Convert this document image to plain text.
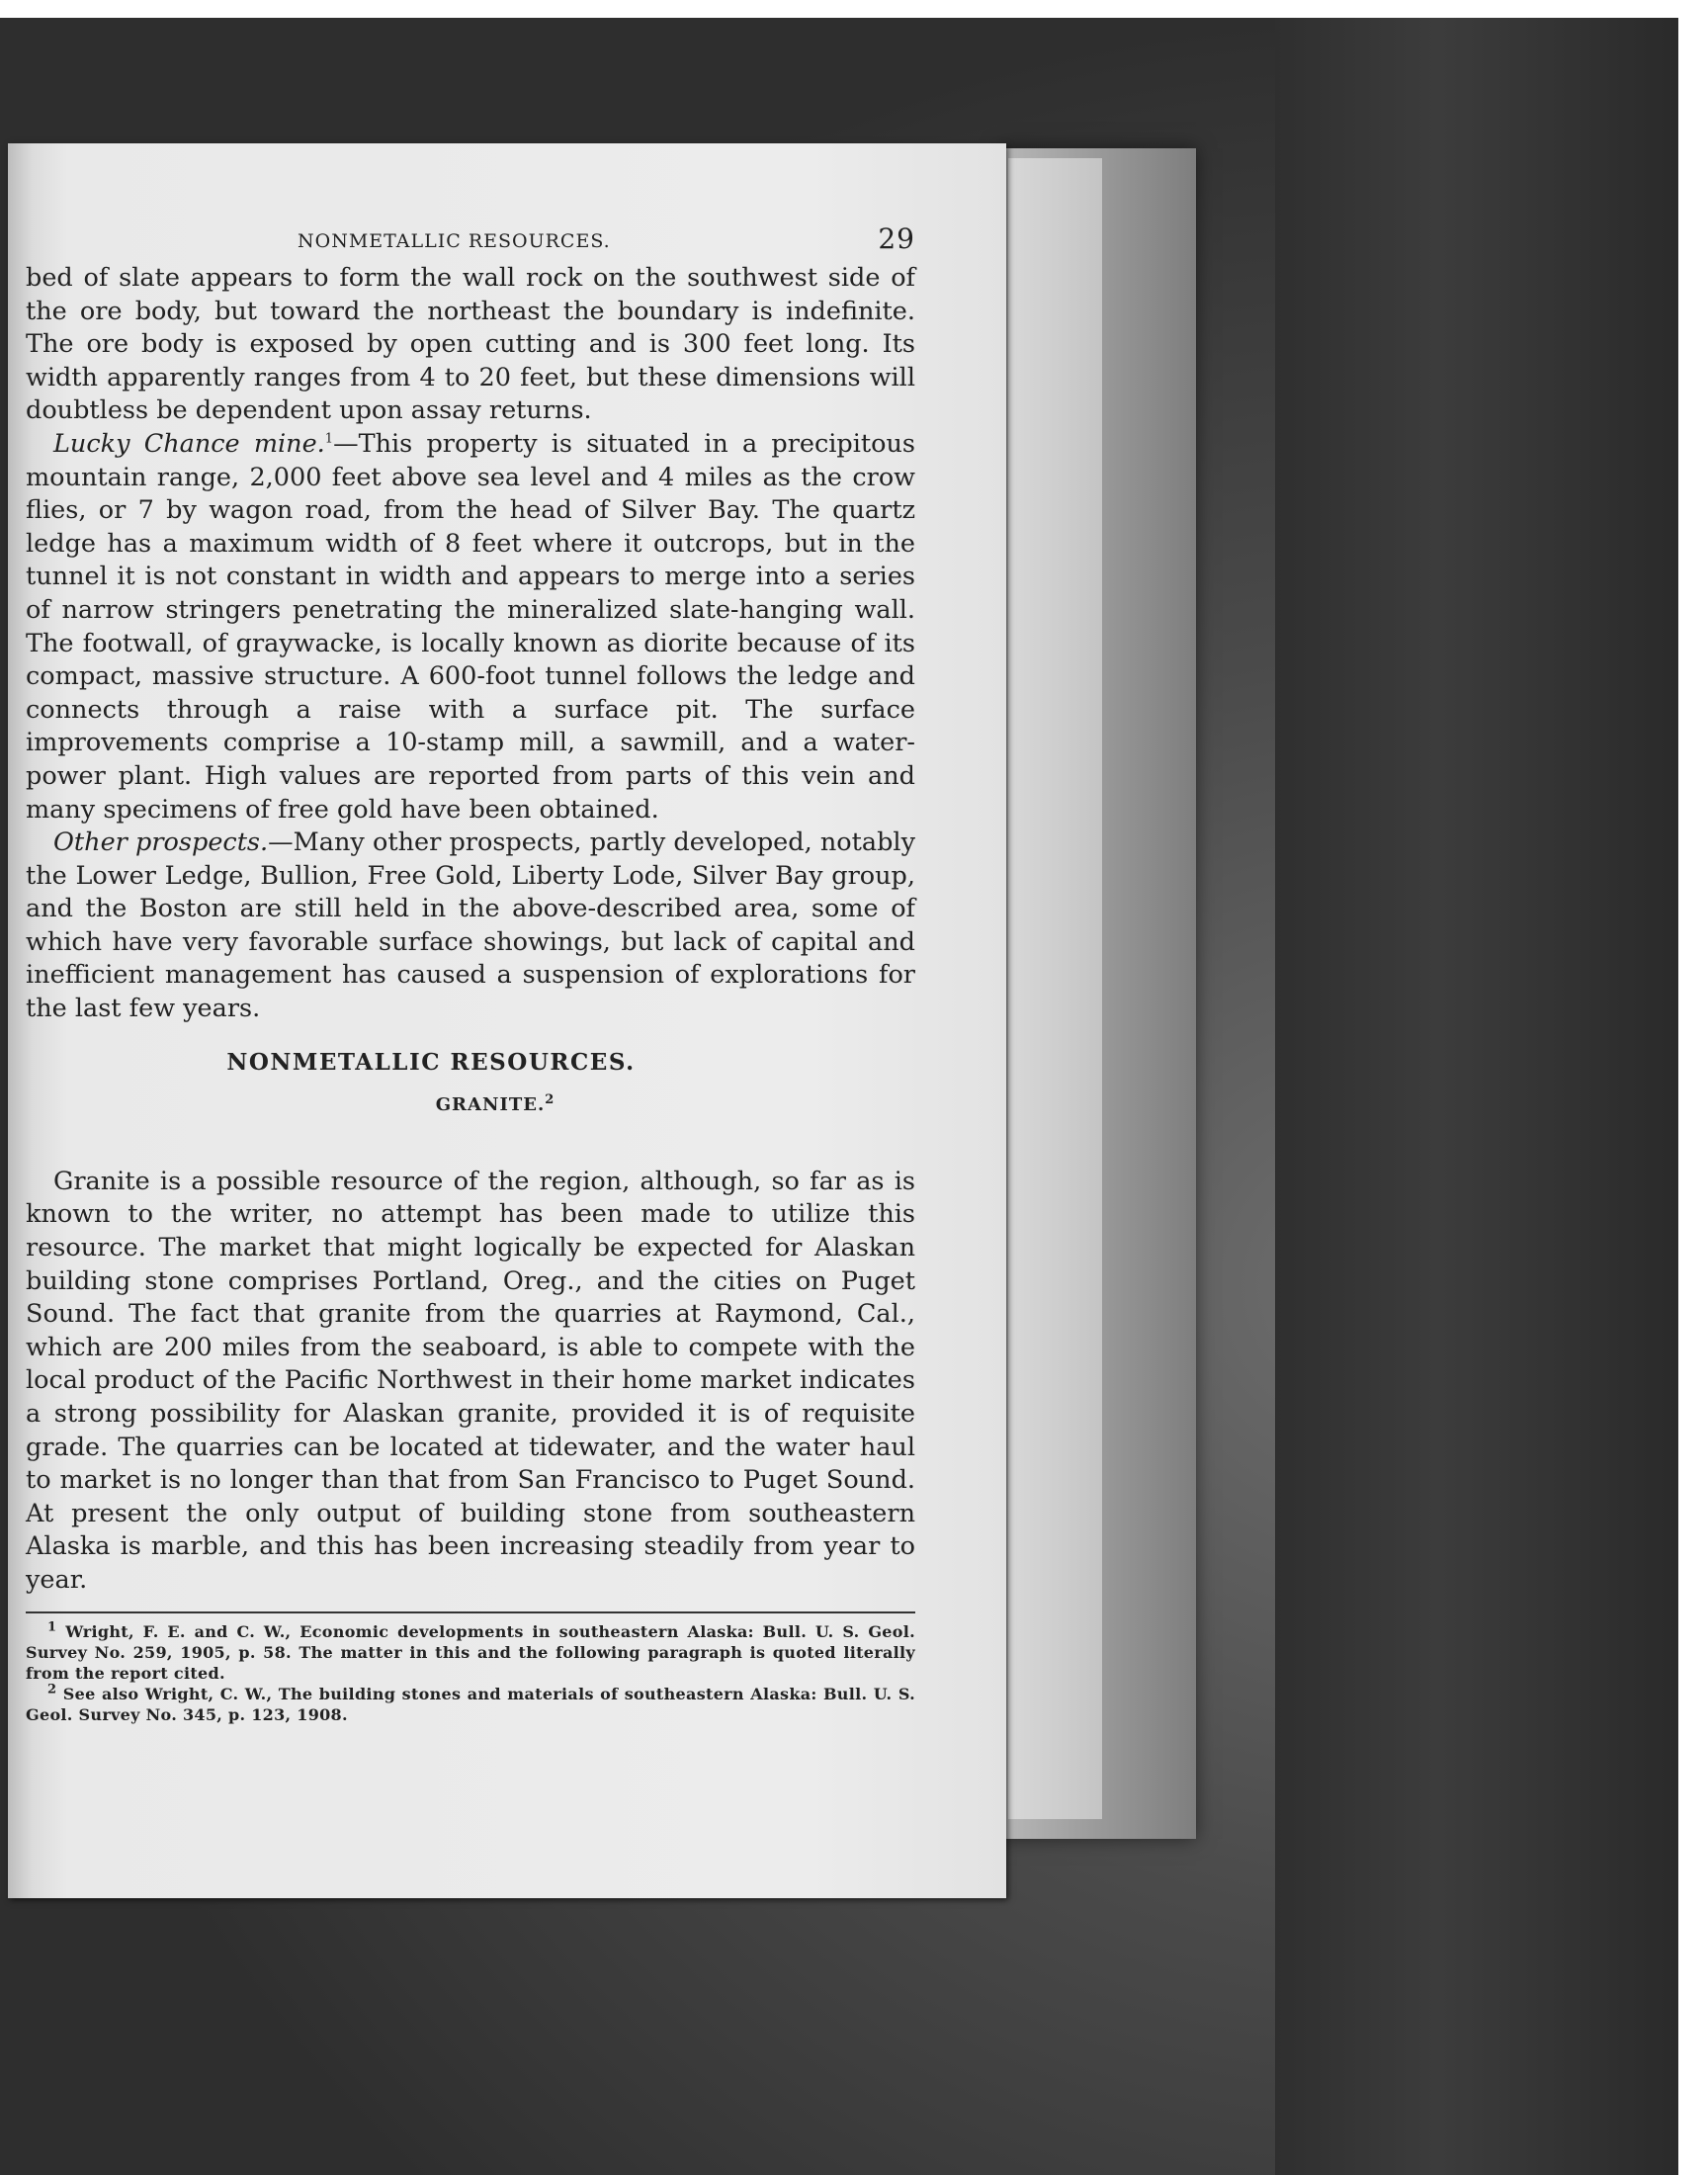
NONMETALLIC RESOURCES.	29

bed of slate appears to form the wall rock on the southwest side of the ore body, but toward the northeast the boundary is indefinite. The ore body is exposed by open cutting and is 300 feet long. Its width apparently ranges from 4 to 20 feet, but these dimensions will doubtless be dependent upon assay returns.

Lucky Chance mine.$^1$—This property is situated in a precipitous mountain range, 2,000 feet above sea level and 4 miles as the crow flies, or 7 by wagon road, from the head of Silver Bay. The quartz ledge has a maximum width of 8 feet where it outcrops, but in the tunnel it is not constant in width and appears to merge into a series of narrow stringers penetrating the mineralized slate-hanging wall. The footwall, of graywacke, is locally known as diorite because of its compact, massive structure. A 600-foot tunnel follows the ledge and connects through a raise with a surface pit. The surface improvements comprise a 10-stamp mill, a sawmill, and a water-power plant. High values are reported from parts of this vein and many specimens of free gold have been obtained.

Other prospects.—Many other prospects, partly developed, notably the Lower Ledge, Bullion, Free Gold, Liberty Lode, Silver Bay group, and the Boston are still held in the above-described area, some of which have very favorable surface showings, but lack of capital and inefficient management has caused a suspension of explorations for the last few years.

NONMETALLIC RESOURCES.
GRANITE.$^2$

Granite is a possible resource of the region, although, so far as is known to the writer, no attempt has been made to utilize this resource. The market that might logically be expected for Alaskan building stone comprises Portland, Oreg., and the cities on Puget Sound. The fact that granite from the quarries at Raymond, Cal., which are 200 miles from the seaboard, is able to compete with the local product of the Pacific Northwest in their home market indicates a strong possibility for Alaskan granite, provided it is of requisite grade. The quarries can be located at tidewater, and the water haul to market is no longer than that from San Francisco to Puget Sound. At present the only output of building stone from southeastern Alaska is marble, and this has been increasing steadily from year to year.

$^1$ Wright, F. E. and C. W., Economic developments in southeastern Alaska: Bull. U. S. Geol. Survey No. 259, 1905, p. 58. The matter in this and the following paragraph is quoted literally from the report cited.

$^2$ See also Wright, C. W., The building stones and materials of southeastern Alaska: Bull. U. S. Geol. Survey No. 345, p. 123, 1908.
